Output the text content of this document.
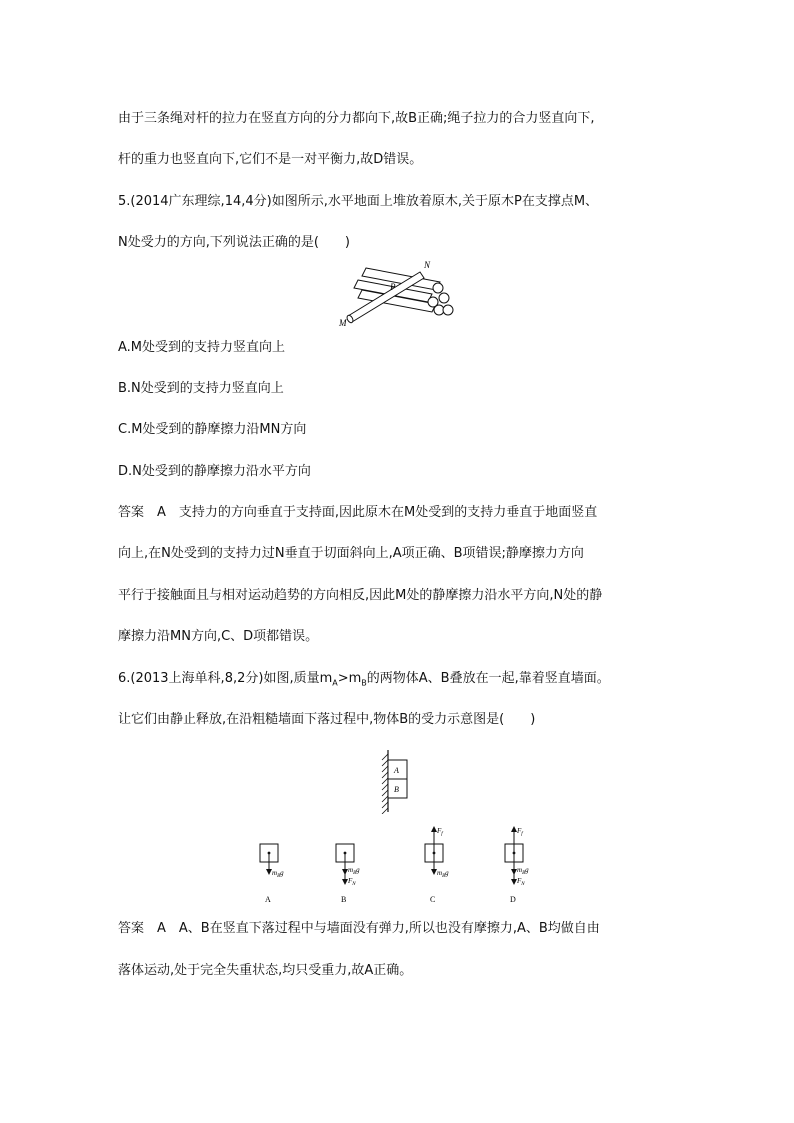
由于三条绳对杆的拉力在竖直方向的分力都向下,故B正确;绳子拉力的合力竖直向下,
杆的重力也竖直向下,它们不是一对平衡力,故D错误。
5.(2014广东理综,14,4分)如图所示,水平地面上堆放着原木,关于原木P在支撑点M、
N处受力的方向,下列说法正确的是(　　)
N
P
M
A.M处受到的支持力竖直向上
B.N处受到的支持力竖直向上
C.M处受到的静摩擦力沿MN方向
D.N处受到的静摩擦力沿水平方向
答案　A　支持力的方向垂直于支持面,因此原木在M处受到的支持力垂直于地面竖直
向上,在N处受到的支持力过N垂直于切面斜向上,A项正确、B项错误;静摩擦力方向
平行于接触面且与相对运动趋势的方向相反,因此M处的静摩擦力沿水平方向,N处的静
摩擦力沿MN方向,C、D项都错误。
6.(2013上海单科,8,2分)如图,质量$m_A>m_B$的两物体A、B叠放在一起,靠着竖直墙面。
让它们由静止释放,在沿粗糙墙面下落过程中,物体B的受力示意图是(　　)
A
B
$m_Bg$	$m_Bg$
$F_N$
$F_f$
$m_Bg$
$F_f$
$m_Bg$
$F_N$
A	B	C	D
答案　A　A、B在竖直下落过程中与墙面没有弹力,所以也没有摩擦力,A、B均做自由
落体运动,处于完全失重状态,均只受重力,故A正确。
